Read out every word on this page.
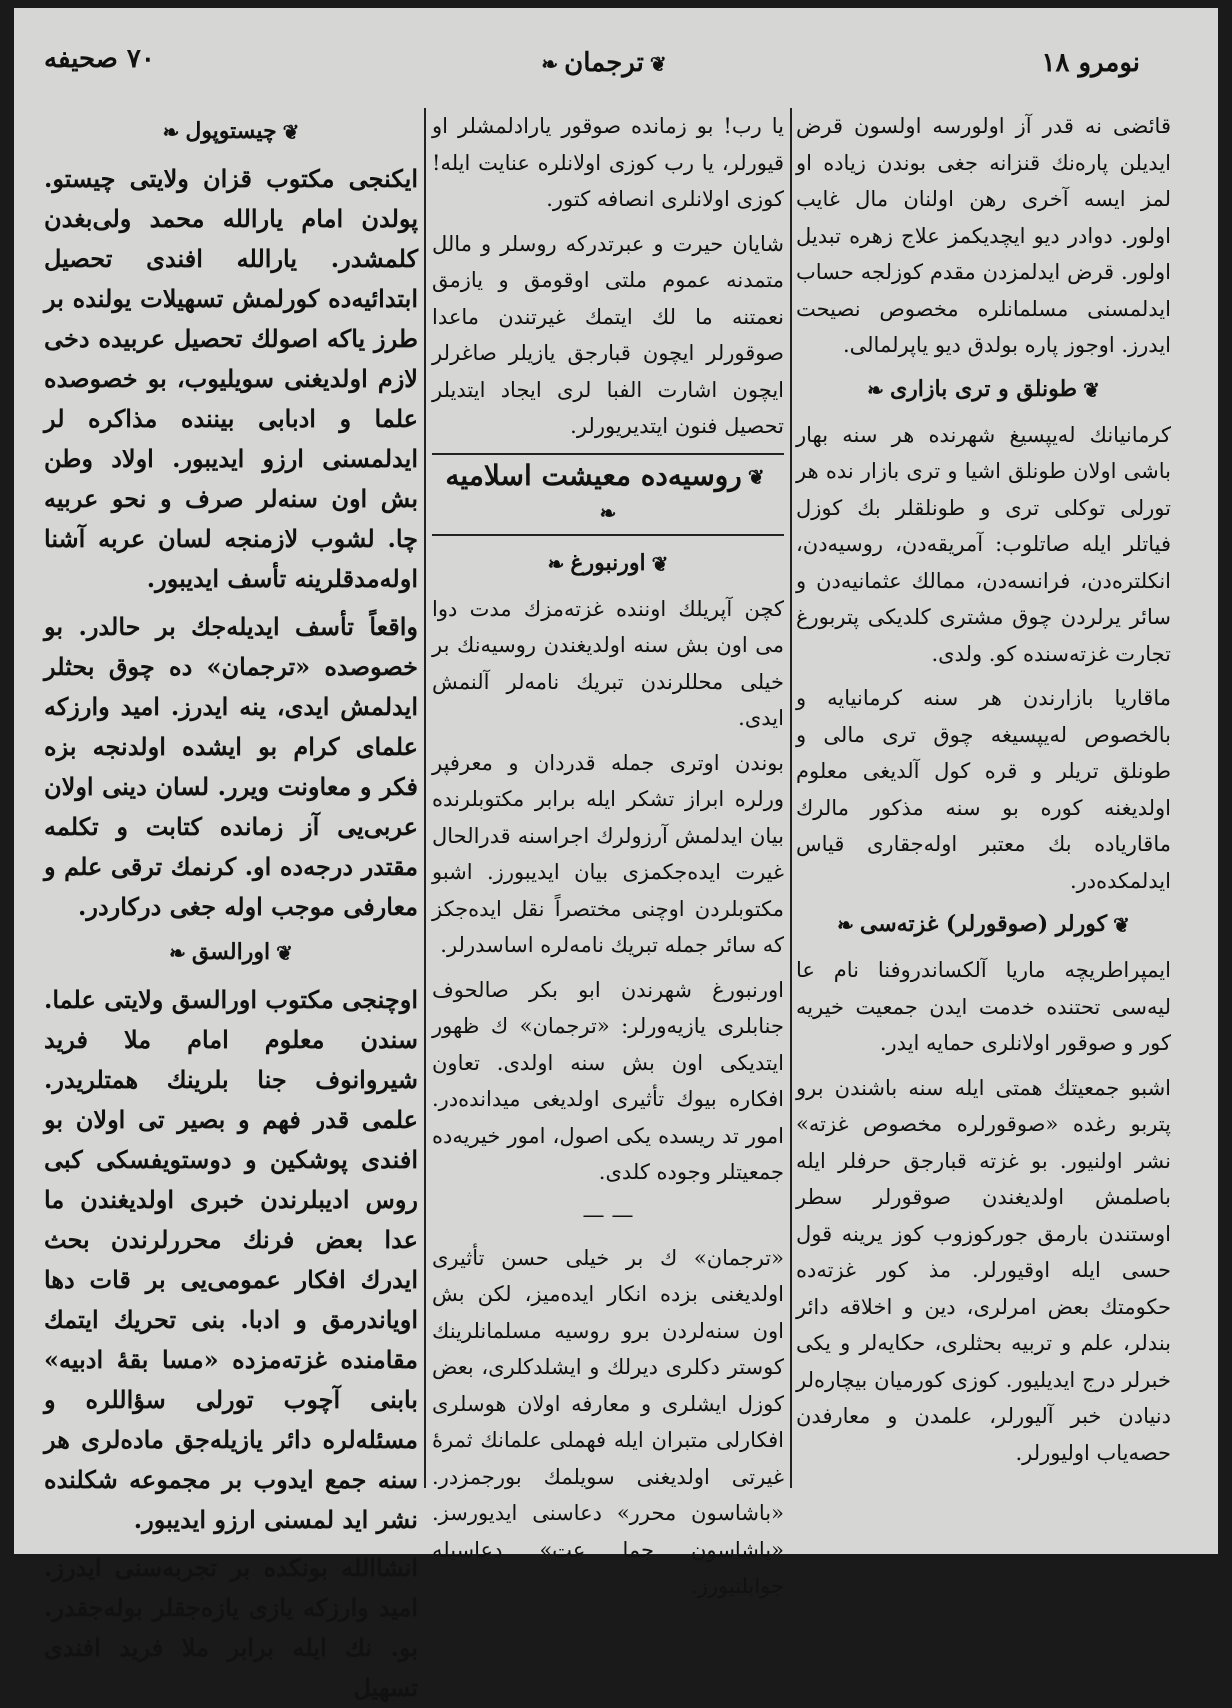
نومرو ١٨
❦ترجمان❧
٧٠ صحیفه

قائضی نه قدر آز اولورسه اولسون قرض ایدیلن پاره‌نك قنزانه جغی بوندن زیاده او لمز ایسه آخری رهن اولنان مال غایب اولور. دوادر دیو ایچدیکمز علاج زهره تبدیل اولور. قرض ایدلمزدن مقدم کوزلجه حساب ایدلمسنی مسلمانلره مخصوص نصیحت ایدرز. اوجوز پاره بولدق دیو یاپرلمالی.

❦طونلق و تری بازاری❧

کرمانیانك لەیپسیغ شهرنده هر سنه بهار باشی اولان طونلق اشیا و تری بازار نده هر تورلی توکلی تری و طونلقلر بك کوزل فیاتلر ایله صاتلوب: آمریقەدن، روسیەدن، انکلترەدن، فرانسەدن، ممالك عثمانیه‌دن و سائر یرلردن چوق مشتری کلدیکی پتربورغ تجارت غزته‌سنده کو. ولدی.

ماقاریا بازارندن هر سنه کرمانیایه و بالخصوص لەیپسیغه چوق تری مالی و طونلق تریلر و قره کول آلدیغی معلوم اولدیغنه کوره بو سنه مذکور مالرك ماقاریاده بك معتبر اولەجقاری قیاس ایدلمکده‌در.

❦کورلر (صوقورلر) غزته‌سی❧

ایمپراطریچه ماریا آلکساندروفنا نام عا لیەسی تحتنده خدمت ایدن جمعیت خیریه کور و صوقور اولانلری حمایه ایدر.

اشبو جمعیتك همتی ایله سنه باشندن برو پتربو رغده «صوقورلره مخصوص غزته» نشر اولنیور. بو غزته قبارجق حرفلر ایله باصلمش اولدیغندن صوقورلر سطر اوستندن بارمق جورکوزوب کوز یرینه قول حسی ایله اوقیورلر. مذ کور غزته‌ده حکومتك بعض امرلری، دین و اخلاقه دائر بندلر، علم و تربیه بحثلری، حکایه‌لر و یکی خبرلر درج ایدیلیور. کوزی کورمیان بیچاره‌لر دنیادن خبر آلیورلر، علمدن و معارفدن حصەیاب اولیورلر.

یا رب! بو زمانده صوقور یارادلمشلر او قیورلر، یا رب کوزی اولانلره عنایت ایله! کوزی اولانلری انصافه کتور.

شایان حیرت و عبرتدرکه روسلر و مالل متمدنه عموم ملتی اوقومق و یازمق نعمتنه ما لك ایتمك غیرتندن ماعدا صوقورلر ایچون قبارجق یازیلر صاغرلر ایچون اشارت الفبا لری ایجاد ایتدیلر تحصیل فنون ایتدیریورلر.

❦روسیه‌ده معیشت اسلامیه❧
❦اورنبورغ❧

کچن آپریلك اوننده غزته‌مزك مدت دوا می اون بش سنه اولدیغندن روسیه‌نك بر خیلی محللرندن تبریك نامه‌لر آلنمش ایدی.

بوندن اوتری جمله قدردان و معرفپر ورلره ابراز تشکر ایله برابر مکتوبلرنده بیان ایدلمش آرزولرك اجراسنه قدرالحال غیرت ایده‌جکمزی بیان ایدیبورز. اشبو مکتوبلردن اوچنی مختصراً نقل ایده‌جکز که سائر جمله تبریك نامه‌لره اساسدرلر.

اورنبورغ شهرندن ابو بکر صالحوف جنابلری یازیەورلر: «ترجمان» ك ظهور ایتدیکی اون بش سنه اولدی. تعاون افکاره بیوك تأثیری اولدیغی میدانده‌در. امور تد ریسده یکی اصول، امور خیریه‌ده جمعیتلر وجوده کلدی.

— —

«ترجمان» ك بر خیلی حسن تأثیری اولدیغنی بزده انکار ایده‌میز، لکن بش اون سنەلردن برو روسیه مسلمانلرینك کوستر دکلری دیرلك و ایشلدکلری، بعض کوزل ایشلری و معارفه اولان هوسلری افکارلی متبران ایله فهملی علمانك ثمرهٔ غیرتی اولدیغنی سویلمك بورجمزدر. «باشاسون محرر» دعاسنی ایدیورسز. «یاشاسون جما عت» دعاسیله جوابلنیورز.

❦چیستوپول❧

ایکنجی مکتوب قزان ولایتی چیستو. پولدن امام یارالله محمد ولی‌بغدن کلمشدر. یارالله افندی تحصیل ابتدائیه‌ده کورلمش تسهیلات یولنده بر طرز یاکه اصولك تحصیل عربیده دخی لازم اولدیغنی سویلیوب، بو خصوصده علما و ادبابی بیننده مذاکره لر ایدلمسنی ارزو ایدیبور. اولاد وطن بش اون سنەلر صرف و نحو عربیه چا. لشوب لازمنجه لسان عربه آشنا اوله‌مدقلرینه تأسف ایدیبور.

واقعاً تأسف ایدیله‌جك بر حالدر. بو خصوصده «ترجمان» ده چوق بحثلر ایدلمش ایدی، ینه ایدرز. امید وارزکه علمای کرام بو ایشده اولدنجه بزه فکر و معاونت ویرر. لسان دینی اولان عربی‌یی آز زمانده کتابت و تکلمه مقتدر درجه‌ده او. کرنمك ترقی علم و معارفی موجب اوله جغی درکاردر.

❦اورالسق❧

اوچنجی مکتوب اورالسق ولایتی علما. سندن معلوم امام ملا فرید شیروانوف جنا بلرینك همتلریدر. علمی قدر فهم و بصیر تی اولان بو افندی پوشکین و دوستویفسکی کبی روس ادیبلرندن خبری اولدیغندن ما عدا بعض فرنك محررلرندن بحث ایدرك افکار عمومی‌یی بر قات دها اویاندرمق و ادبا. بنی تحریك ایتمك مقامنده غزته‌مزده «مسا بقهٔ ادبیه» بابنی آچوب تورلی سؤاللره و مسئله‌لره دائر یازیله‌جق ماده‌لری هر سنه جمع ایدوب بر مجموعه شکلنده نشر اید لمسنی ارزو ایدیبور.

انشاالله بونکده بر تجربه‌سنی ایدرز. امید وارزکه یازی یازه‌جقلر بوله‌جقدر. بو. نك ایله برابر ملا فرید افندی تسهیل
